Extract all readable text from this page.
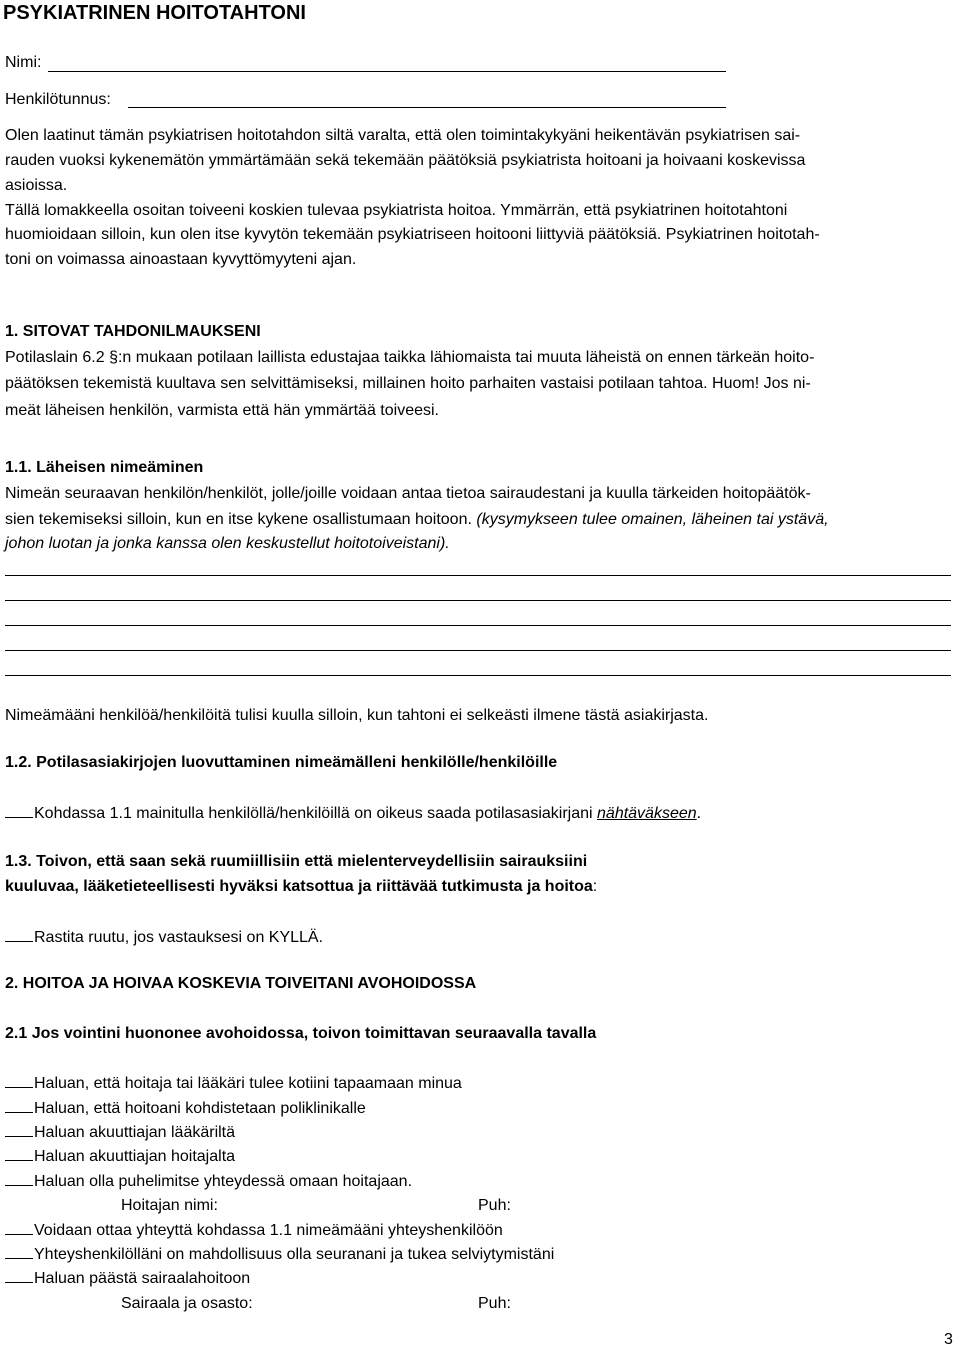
PSYKIATRINEN HOITOTAHTONI
Nimi:
Henkilötunnus:
Olen laatinut tämän psykiatrisen hoitotahdon siltä varalta, että olen toimintakykyäni heikentävän psykiatrisen sai-
rauden vuoksi kykenemätön ymmärtämään sekä tekemään päätöksiä psykiatrista hoitoani ja hoivaani koskevissa
asioissa.
Tällä lomakkeella osoitan toiveeni koskien tulevaa psykiatrista hoitoa. Ymmärrän, että psykiatrinen hoitotahtoni
huomioidaan silloin, kun olen itse kyvytön tekemään psykiatriseen hoitooni liittyviä päätöksiä. Psykiatrinen hoitotah-
toni on voimassa ainoastaan kyvyttömyyteni ajan.
1. SITOVAT TAHDONILMAUKSENI
Potilaslain 6.2 §:n mukaan potilaan laillista edustajaa taikka lähiomaista tai muuta läheistä on ennen tärkeän hoito-
päätöksen tekemistä kuultava sen selvittämiseksi, millainen hoito parhaiten vastaisi potilaan tahtoa. Huom! Jos ni-
meät läheisen henkilön, varmista että hän ymmärtää toiveesi.
1.1. Läheisen nimeäminen
Nimeän seuraavan henkilön/henkilöt, jolle/joille voidaan antaa tietoa sairaudestani ja kuulla tärkeiden hoitopäätök-
sien tekemiseksi silloin, kun en itse kykene osallistumaan hoitoon. (kysymykseen tulee omainen, läheinen tai ystävä,
johon luotan ja jonka kanssa olen keskustellut hoitotoiveistani).
Nimeämääni henkilöä/henkilöitä tulisi kuulla silloin, kun tahtoni ei selkeästi ilmene tästä asiakirjasta.
1.2. Potilasasiakirjojen luovuttaminen nimeämälleni henkilölle/henkilöille
Kohdassa 1.1 mainitulla henkilöllä/henkilöillä on oikeus saada potilasasiakirjani nähtäväkseen.
1.3. Toivon, että saan sekä ruumiillisiin että mielenterveydellisiin sairauksiini
kuuluvaa, lääketieteellisesti hyväksi katsottua ja riittävää tutkimusta ja hoitoa:
Rastita ruutu, jos vastauksesi on KYLLÄ.
2. HOITOA JA HOIVAA KOSKEVIA TOIVEITANI AVOHOIDOSSA
2.1 Jos vointini huononee avohoidossa, toivon toimittavan seuraavalla tavalla
Haluan, että hoitaja tai lääkäri tulee kotiini tapaamaan minua
Haluan, että hoitoani kohdistetaan poliklinikalle
Haluan akuuttiajan lääkäriltä
Haluan akuuttiajan hoitajalta
Haluan olla puhelimitse yhteydessä omaan hoitajaan.
Hoitajan nimi:	Puh:
Voidaan ottaa yhteyttä kohdassa 1.1 nimeämääni yhteyshenkilöön
Yhteyshenkilölläni on mahdollisuus olla seuranani ja tukea selviytymistäni
Haluan päästä sairaalahoitoon
Sairaala ja osasto:	Puh:
3
